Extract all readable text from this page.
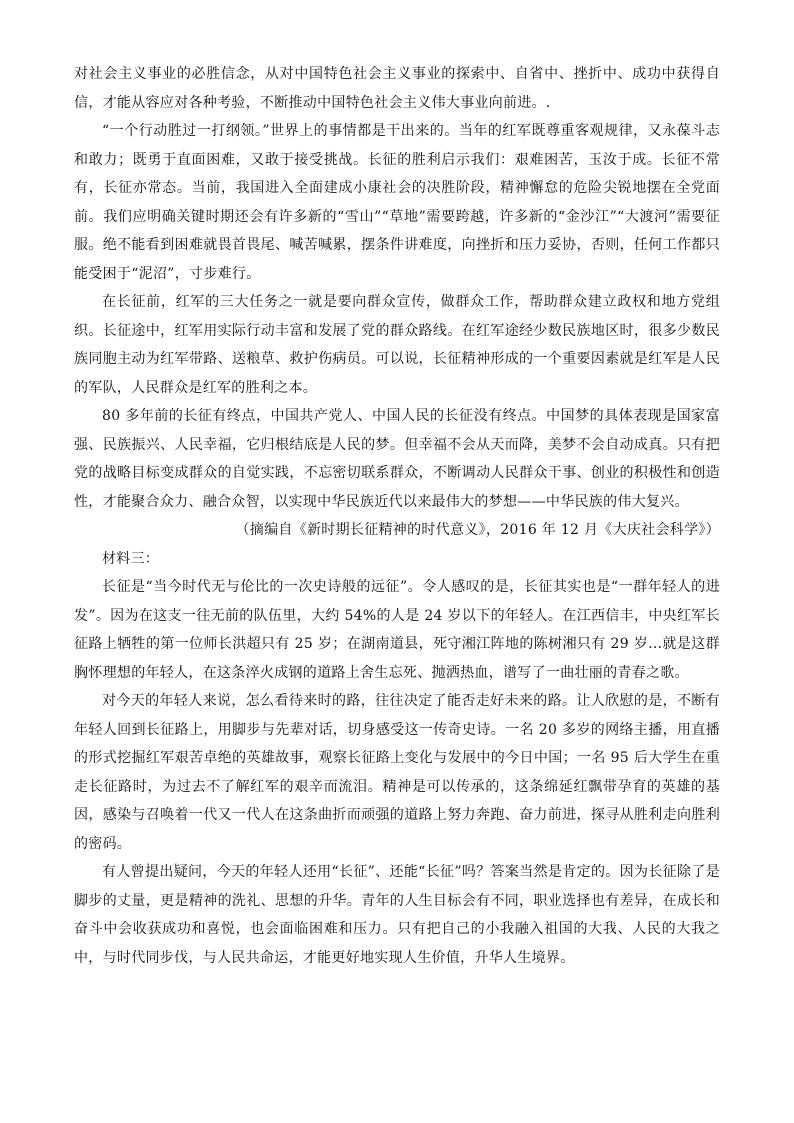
对社会主义事业的必胜信念，从对中国特色社会主义事业的探索中、自省中、挫折中、成功中获得自信，才能从容应对各种考验，不断推动中国特色社会主义伟大事业向前进。.

“一个行动胜过一打纲领。”世界上的事情都是干出来的。当年的红军既尊重客观规律，又永葆斗志和敢力；既勇于直面困难，又敢于接受挑战。长征的胜利启示我们：艰难困苦，玉汝于成。长征不常有，长征亦常态。当前，我国进入全面建成小康社会的决胜阶段，精神懈怠的危险尖锐地摆在全党面前。我们应明确关键时期还会有许多新的“雪山”“草地”需要跨越，许多新的“金沙江”“大渡河”需要征服。绝不能看到困难就畏首畏尾、喊苦喊累，摆条件讲难度，向挫折和压力妥协，否则，任何工作都只能受困于“泥沼”，寸步难行。

在长征前，红军的三大任务之一就是要向群众宣传，做群众工作，帮助群众建立政权和地方党组织。长征途中，红军用实际行动丰富和发展了党的群众路线。在红军途经少数民族地区时，很多少数民族同胞主动为红军带路、送粮草、救护伤病员。可以说，长征精神形成的一个重要因素就是红军是人民的军队，人民群众是红军的胜利之本。

80 多年前的长征有终点，中国共产党人、中国人民的长征没有终点。中国梦的具体表现是国家富强、民族振兴、人民幸福，它归根结底是人民的梦。但幸福不会从天而降，美梦不会自动成真。只有把党的战略目标变成群众的自觉实践，不忘密切联系群众，不断调动人民群众干事、创业的积极性和创造性，才能聚合众力、融合众智，以实现中华民族近代以来最伟大的梦想——中华民族的伟大复兴。

（摘编自《新时期长征精神的时代意义》，2016 年 12 月《大庆社会科学》）

材料三：

长征是“当今时代无与伦比的一次史诗般的远征”。令人感叹的是，长征其实也是“一群年轻人的进发”。因为在这支一往无前的队伍里，大约 54%的人是 24 岁以下的年轻人。在江西信丰，中央红军长征路上牺牲的第一位师长洪超只有 25 岁；在湖南道县，死守湘江阵地的陈树湘只有 29 岁…就是这群胸怀理想的年轻人，在这条淬火成钢的道路上舍生忘死、抛洒热血，谱写了一曲壮丽的青春之歌。

对今天的年轻人来说，怎么看待来时的路，往往决定了能否走好未来的路。让人欣慰的是，不断有年轻人回到长征路上，用脚步与先辈对话，切身感受这一传奇史诗。一名 20 多岁的网络主播，用直播的形式挖掘红军艰苦卓绝的英雄故事，观察长征路上变化与发展中的今日中国；一名 95 后大学生在重走长征路时，为过去不了解红军的艰辛而流泪。精神是可以传承的，这条绵延红飘带孕育的英雄的基因，感染与召唤着一代又一代人在这条曲折而顽强的道路上努力奔跑、奋力前进，探寻从胜利走向胜利的密码。

有人曾提出疑问，今天的年轻人还用“长征”、还能“长征”吗？答案当然是肯定的。因为长征除了是脚步的丈量，更是精神的洗礼、思想的升华。青年的人生目标会有不同，职业选择也有差异，在成长和奋斗中会收获成功和喜悦，也会面临困难和压力。只有把自己的小我融入祖国的大我、人民的大我之中，与时代同步伐，与人民共命运，才能更好地实现人生价值，升华人生境界。
